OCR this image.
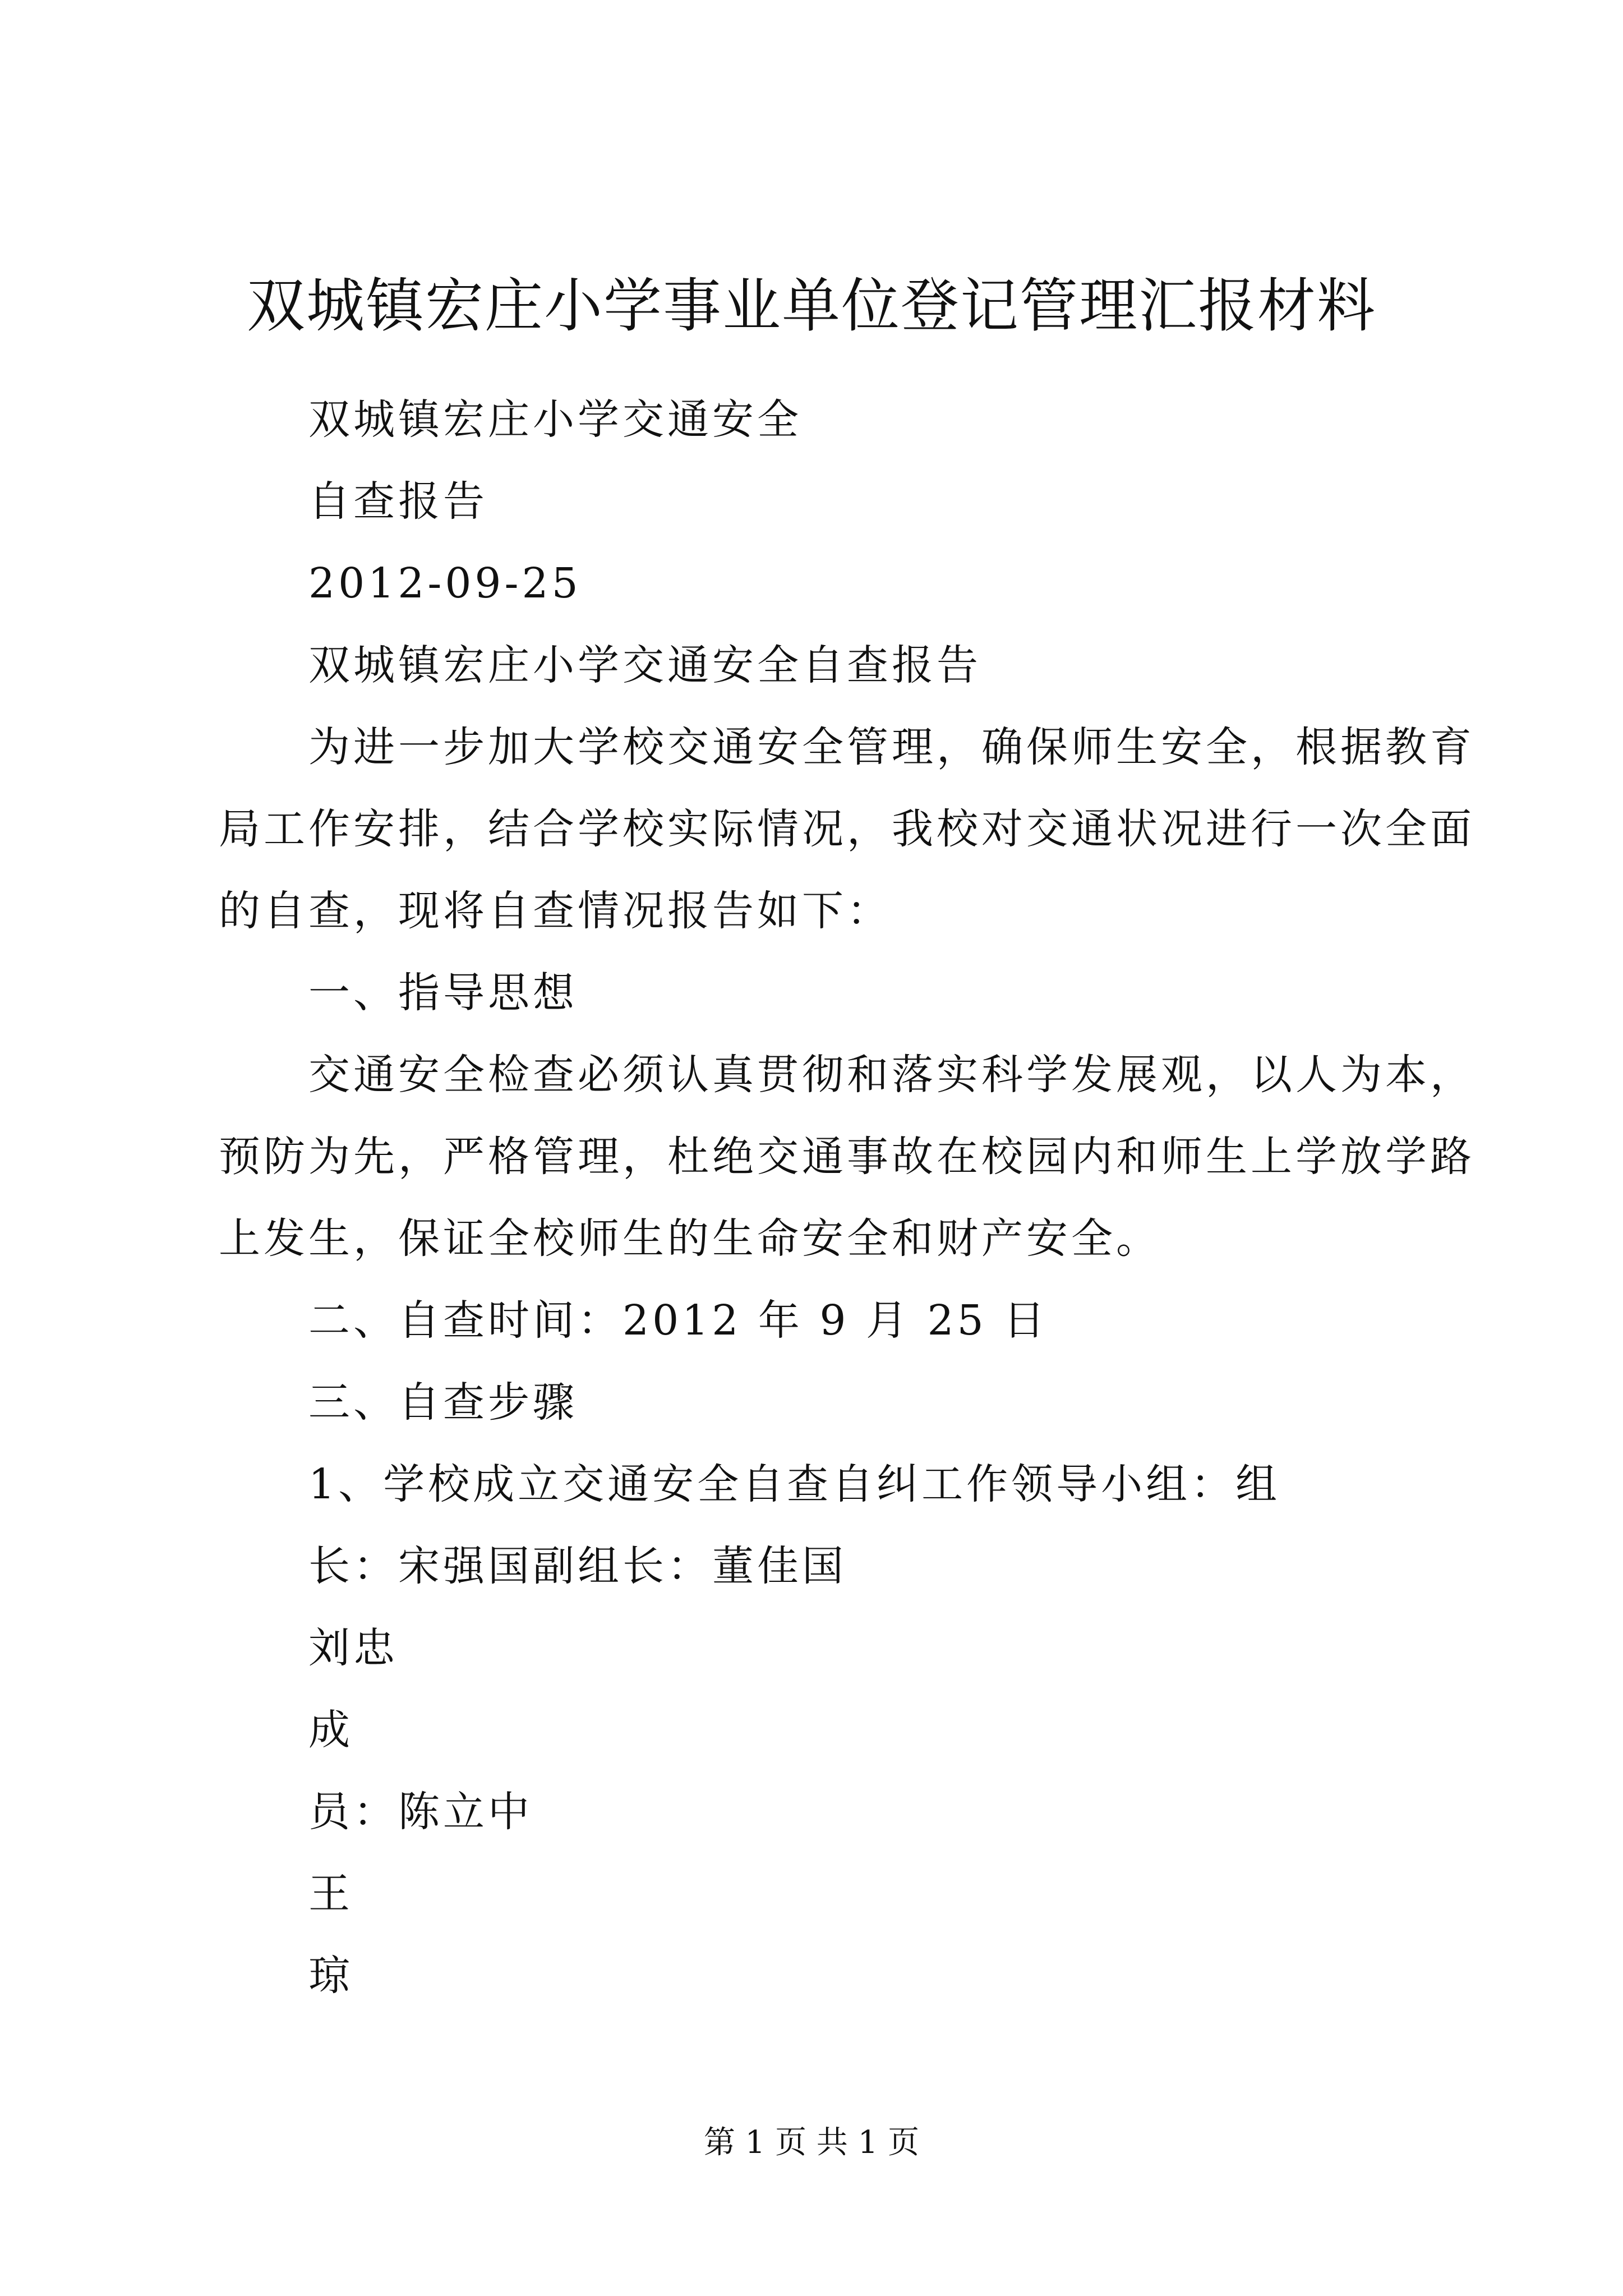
双城镇宏庄小学事业单位登记管理汇报材料
双城镇宏庄小学交通安全
自查报告
2012-09-25
双城镇宏庄小学交通安全自查报告
为进一步加大学校交通安全管理，确保师生安全，根据教育
局工作安排，结合学校实际情况，我校对交通状况进行一次全面
的自查，现将自查情况报告如下：
一、指导思想
交通安全检查必须认真贯彻和落实科学发展观，以人为本，
预防为先，严格管理，杜绝交通事故在校园内和师生上学放学路
上发生，保证全校师生的生命安全和财产安全。
二、自查时间：2012 年 9 月 25 日
三、自查步骤
1、学校成立交通安全自查自纠工作领导小组：组
长：宋强国副组长：董佳国
刘忠
成
员：陈立中
王
琼
第 1 页 共 1 页
